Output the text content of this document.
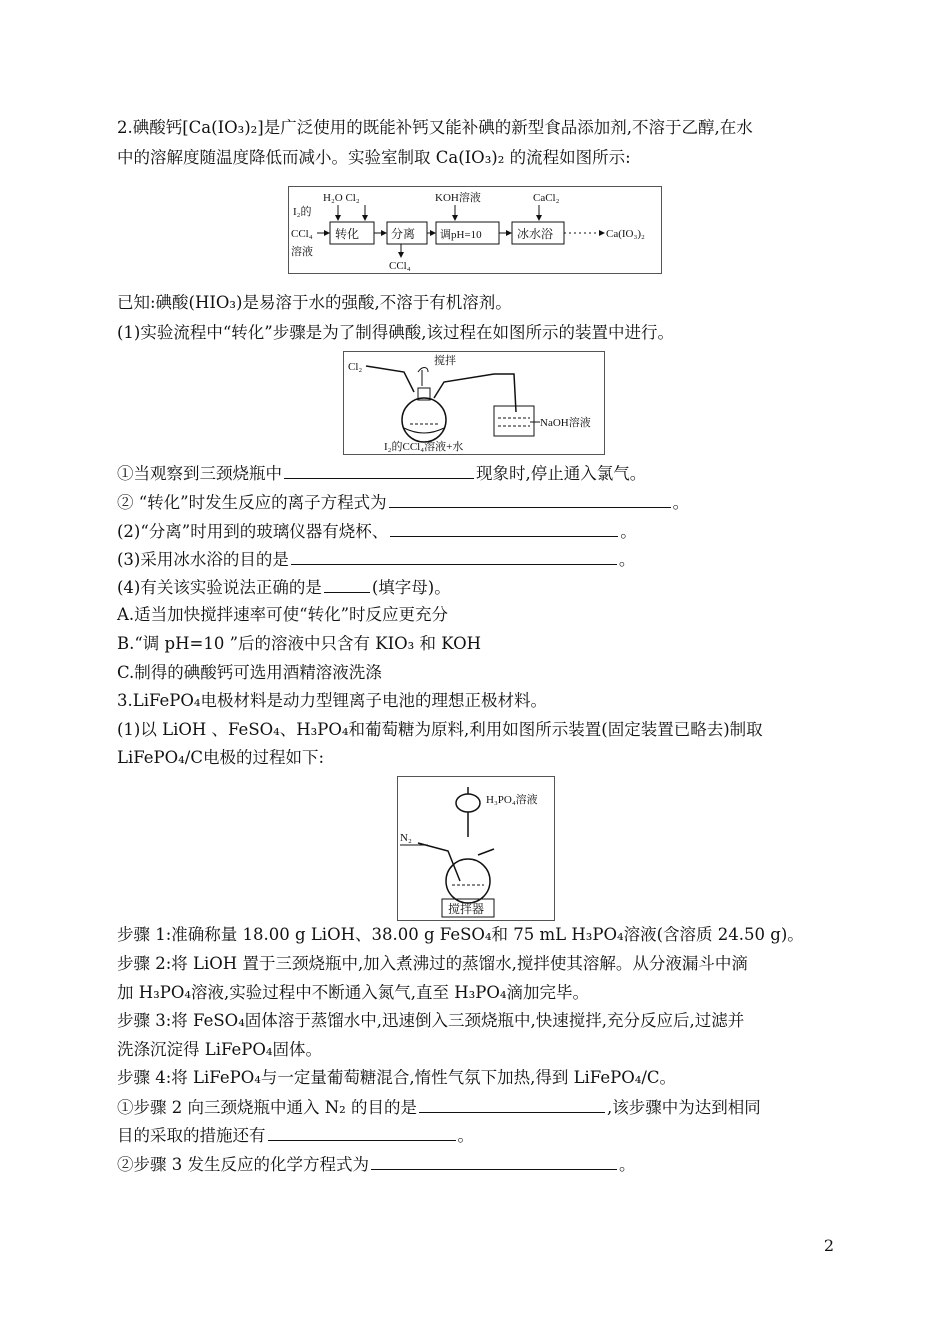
2.碘酸钙[Ca(IO₃)₂]是广泛使用的既能补钙又能补碘的新型食品添加剂,不溶于乙醇,在水
中的溶解度随温度降低而减小。实验室制取 Ca(IO₃)₂ 的流程如图所示:
I₂的
CCl₄
溶液
H₂O Cl₂	KOH溶液	CaCl₂
转化	分离
CCl₄
调pH=10	冰水浴	Ca(IO₃)₂
已知:碘酸(HIO₃)是易溶于水的强酸,不溶于有机溶剂。
(1)实验流程中“转化”步骤是为了制得碘酸,该过程在如图所示的装置中进行。
Cl₂	搅拌
NaOH溶液
I₂的CCl₄溶液+水
①当观察到三颈烧瓶中	现象时,停止通入氯气。
② “转化”时发生反应的离子方程式为	。
(2)“分离”时用到的玻璃仪器有烧杯、	。
(3)采用冰水浴的目的是	。
(4)有关该实验说法正确的是	(填字母)。
A.适当加快搅拌速率可使“转化”时反应更充分
B.“调 pH=10 ”后的溶液中只含有 KIO₃ 和 KOH
C.制得的碘酸钙可选用酒精溶液洗涤
3.LiFePO₄电极材料是动力型锂离子电池的理想正极材料。
(1)以 LiOH 、FeSO₄、H₃PO₄和葡萄糖为原料,利用如图所示装置(固定装置已略去)制取
LiFePO₄/C电极的过程如下:
H₃PO₄溶液
N₂
搅拌器
步骤 1:准确称量 18.00 g LiOH、38.00 g FeSO₄和 75 mL H₃PO₄溶液(含溶质 24.50 g)。
步骤 2:将 LiOH 置于三颈烧瓶中,加入煮沸过的蒸馏水,搅拌使其溶解。从分液漏斗中滴
加 H₃PO₄溶液,实验过程中不断通入氮气,直至 H₃PO₄滴加完毕。
步骤 3:将 FeSO₄固体溶于蒸馏水中,迅速倒入三颈烧瓶中,快速搅拌,充分反应后,过滤并
洗涤沉淀得 LiFePO₄固体。
步骤 4:将 LiFePO₄与一定量葡萄糖混合,惰性气氛下加热,得到 LiFePO₄/C。
①步骤 2 向三颈烧瓶中通入 N₂ 的目的是	,该步骤中为达到相同
目的采取的措施还有	。
②步骤 3 发生反应的化学方程式为	。
2
